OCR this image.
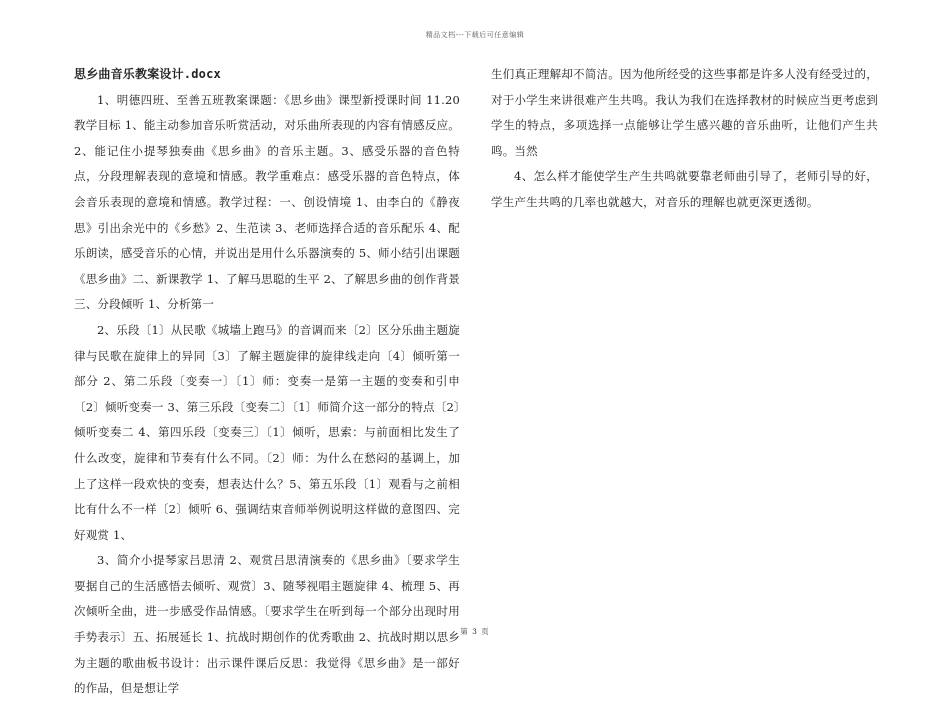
精品文档---下载后可任意编辑

思乡曲音乐教案设计.docx

1、明德四班、至善五班教案课题：《思乡曲》课型新授课时间 11.20 教学目标 1、能主动参加音乐听赏活动，对乐曲所表现的内容有情感反应。2、能记住小提琴独奏曲《思乡曲》的音乐主题。3、感受乐器的音色特点，分段理解表现的意境和情感。教学重难点：感受乐器的音色特点，体会音乐表现的意境和情感。教学过程：一、创设情境 1、由李白的《静夜思》引出余光中的《乡愁》2、生范读 3、老师选择合适的音乐配乐 4、配乐朗读，感受音乐的心情，并说出是用什么乐器演奏的 5、师小结引出课题《思乡曲》二、新课教学 1、了解马思聪的生平 2、了解思乡曲的创作背景三、分段倾听 1、分析第一

2、乐段〔1〕从民歌《城墙上跑马》的音调而来〔2〕区分乐曲主题旋律与民歌在旋律上的异同〔3〕了解主题旋律的旋律线走向〔4〕倾听第一部分 2、第二乐段〔变奏一〕〔1〕师：变奏一是第一主题的变奏和引申〔2〕倾听变奏一 3、第三乐段〔变奏二〕〔1〕师简介这一部分的特点〔2〕倾听变奏二 4、第四乐段〔变奏三〕〔1〕倾听，思索：与前面相比发生了什么改变，旋律和节奏有什么不同。〔2〕师：为什么在愁闷的基调上，加上了这样一段欢快的变奏，想表达什么？5、第五乐段〔1〕观看与之前相比有什么不一样〔2〕倾听 6、强调结束音师举例说明这样做的意图四、完好观赏 1、

3、简介小提琴家吕思清 2、观赏吕思清演奏的《思乡曲》〔要求学生要据自己的生活感悟去倾听、观赏〕3、随琴视唱主题旋律 4、梳理 5、再次倾听全曲，进一步感受作品情感。〔要求学生在听到每一个部分出现时用手势表示〕五、拓展延长 1、抗战时期创作的优秀歌曲 2、抗战时期以思乡为主题的歌曲板书设计：出示课件课后反思：我觉得《思乡曲》是一部好的作品，但是想让学

生们真正理解却不简洁。因为他所经受的这些事都是许多人没有经受过的，对于小学生来讲很难产生共鸣。我认为我们在选择教材的时候应当更考虑到学生的特点，多项选择一点能够让学生感兴趣的音乐曲听，让他们产生共鸣。当然

4、怎么样才能使学生产生共鸣就要靠老师曲引导了，老师引导的好，学生产生共鸣的几率也就越大，对音乐的理解也就更深更透彻。

第 3 页
